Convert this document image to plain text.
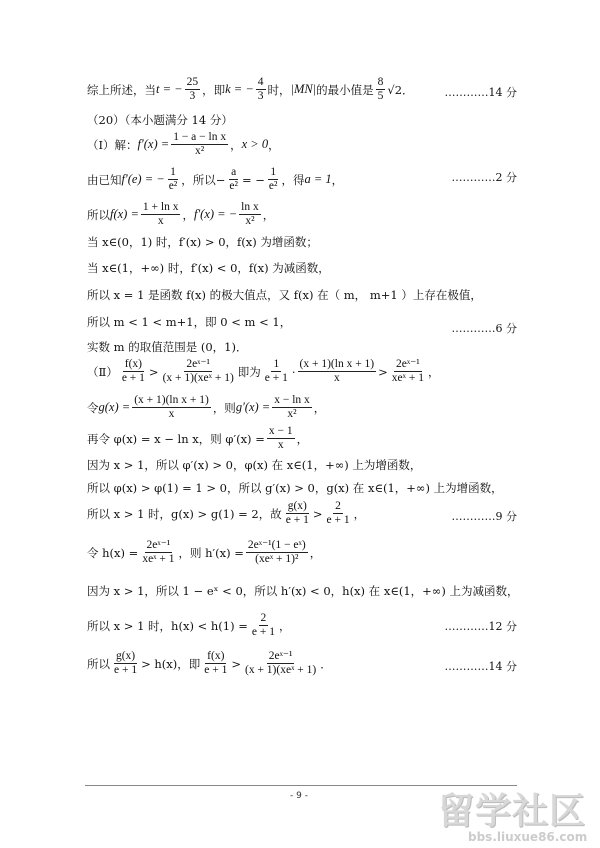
综上所述，当 t = − $\frac{25}{3}$ ，即 k = − $\frac{4}{3}$ 时， |MN| 的最小值是 $\frac{8}{5} √2$ ．	…………14 分
（20）（本小题满分 14 分）
（Ⅰ）解： $f'(x) = \frac{\text{1 − a − ln x}}{\text{x²}}$ ， x > 0 ，
由已知 f′(e) = − $\frac{1}{\text{e²}}$ ，所以 − $\frac{a}{\text{e²}}$ = − $\frac{1}{\text{e²}}$ ，得 a = 1 ，	…………2 分
所以 $f(x) = \frac{\text{1 + ln x}}{x}$ ， f′(x) = − $\frac{\text{ln x}}{\text{x²}}$ ，
当 x∈(0，1) 时，f′(x) > 0，f(x) 为增函数；
当 x∈(1，+∞) 时，f′(x) < 0，f(x) 为减函数，
所以 x = 1 是函数 f(x) 的极大值点，又 f(x) 在（ m， m+1 ）上存在极值，
所以 m < 1 < m+1，即 0 < m < 1，
实数 m 的取值范围是 (0，1)．
…………6 分
（Ⅱ） $\frac{f(x)}{e + 1} > \frac{\text{2eˣ⁻¹}}{\text{(x + 1)(xeˣ + 1)}}$ 即为 $\frac{1}{e + 1} \cdot \frac{\text{(x + 1)(ln x + 1)}}{x} > \frac{\text{2eˣ⁻¹}}{\text{xeˣ + 1}}$ ，
令 $g(x) = \frac{\text{(x + 1)(ln x + 1)}}{x}$ ，则 $g'(x) = \frac{\text{x − ln x}}{\text{x²}}$ ，
再令 φ(x) = x − ln x，则 $\varphi'(x) = \frac{x - 1}{x}$ ，
因为 x > 1，所以 φ′(x) > 0，φ(x) 在 x∈(1，+∞) 上为增函数，
所以 φ(x) > φ(1) = 1 > 0，所以 g′(x) > 0，g(x) 在 x∈(1，+∞) 上为增函数，
所以 x > 1 时，g(x) > g(1) = 2，故 $\frac{g(x)}{e + 1} > \frac{2}{e + 1}$ ，	…………9 分
令 $h(x) = \frac{\text{2eˣ⁻¹}}{\text{xeˣ + 1}}$ ，则 $h'(x) = \frac{\text{2eˣ⁻¹(1 − eˣ)}}{\text{(xeˣ + 1)²}}$ ，
因为 x > 1，所以 1 − eˣ < 0，所以 h′(x) < 0，h(x) 在 x∈(1，+∞) 上为减函数，
所以 x > 1 时，$h(x) < h(1) = \frac{2}{e + 1}$ ，	…………12 分
所以 $\frac{g(x)}{e + 1} > h(x)$，即 $\frac{f(x)}{e + 1} > \frac{\text{2eˣ⁻¹}}{\text{(x + 1)(xeˣ + 1)}}$ ．	…………14 分
- 9 -	留学社区
bbs.liuxue86.com
